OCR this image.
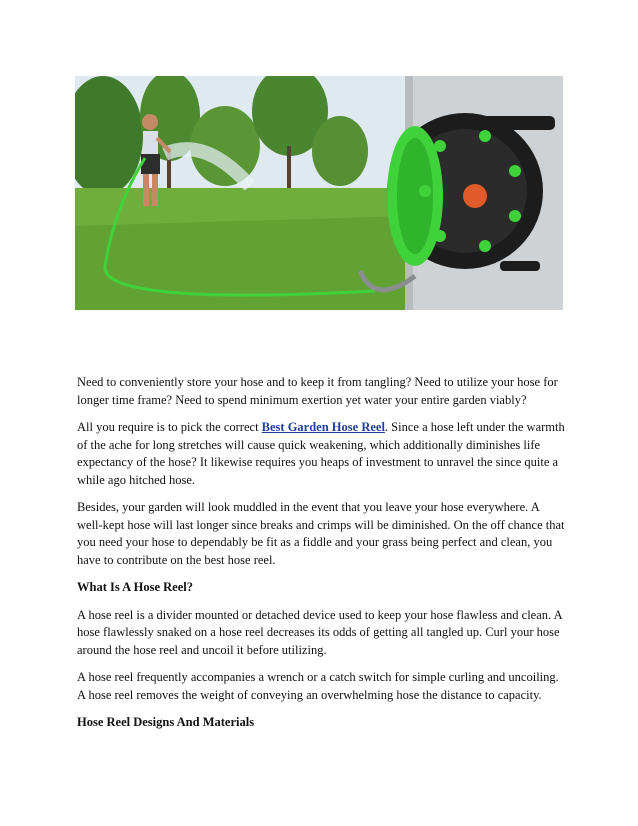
Need to conveniently store your hose and to keep it from tangling? Need to utilize your hose for longer time frame? Need to spend minimum exertion yet water your entire garden viably?

All you require is to pick the correct Best Garden Hose Reel. Since a hose left under the warmth of the ache for long stretches will cause quick weakening, which additionally diminishes life expectancy of the hose? It likewise requires you heaps of investment to unravel the since quite a while ago hitched hose.

Besides, your garden will look muddled in the event that you leave your hose everywhere. A well-kept hose will last longer since breaks and crimps will be diminished. On the off chance that you need your hose to dependably be fit as a fiddle and your grass being perfect and clean, you have to contribute on the best hose reel.

What Is A Hose Reel?

A hose reel is a divider mounted or detached device used to keep your hose flawless and clean. A hose flawlessly snaked on a hose reel decreases its odds of getting all tangled up. Curl your hose around the hose reel and uncoil it before utilizing.

A hose reel frequently accompanies a wrench or a catch switch for simple curling and uncoiling. A hose reel removes the weight of conveying an overwhelming hose the distance to capacity.

Hose Reel Designs And Materials
